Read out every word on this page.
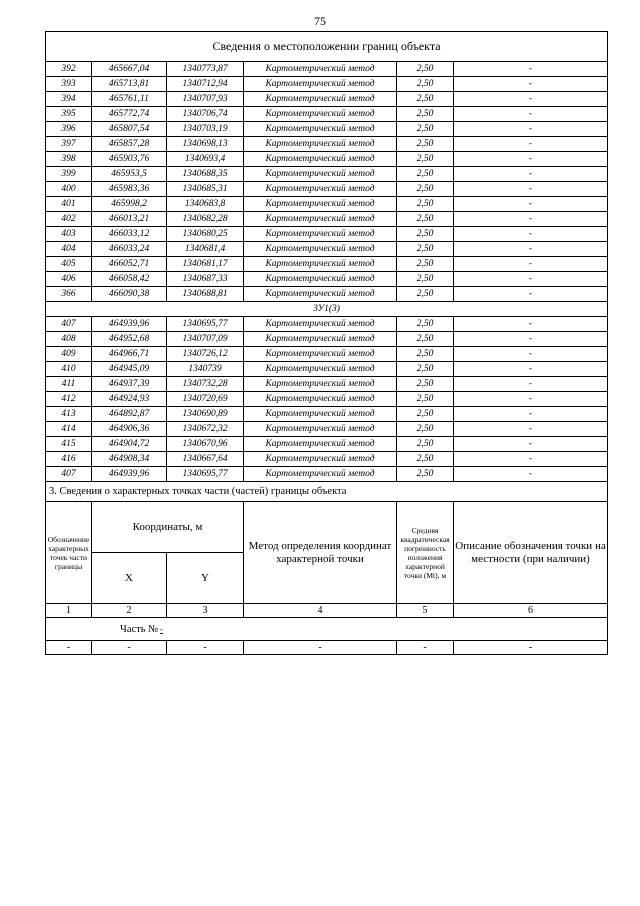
75
Сведения о местоположении границ объекта					
392	465667,04	1340773,87	Картометрический метод	2,50	-
393	465713,81	1340712,94	Картометрический метод	2,50	-
394	465761,11	1340707,93	Картометрический метод	2,50	-
395	465772,74	1340706,74	Картометрический метод	2,50	-
396	465807,54	1340703,19	Картометрический метод	2,50	-
397	465857,28	1340698,13	Картометрический метод	2,50	-
398	465903,76	1340693,4	Картометрический метод	2,50	-
399	465953,5	1340688,35	Картометрический метод	2,50	-
400	465983,36	1340685,31	Картометрический метод	2,50	-
401	465998,2	1340683,8	Картометрический метод	2,50	-
402	466013,21	1340682,28	Картометрический метод	2,50	-
403	466033,12	1340680,25	Картометрический метод	2,50	-
404	466033,24	1340681,4	Картометрический метод	2,50	-
405	466052,71	1340681,17	Картометрический метод	2,50	-
406	466058,42	1340687,33	Картометрический метод	2,50	-
366	466090,38	1340688,81	Картометрический метод	2,50	-
ЗУ1(3)					
407	464939,96	1340695,77	Картометрический метод	2,50	-
408	464952,68	1340707,09	Картометрический метод	2,50	-
409	464966,71	1340726,12	Картометрический метод	2,50	-
410	464945,09	1340739	Картометрический метод	2,50	-
411	464937,39	1340732,28	Картометрический метод	2,50	-
412	464924,93	1340720,69	Картометрический метод	2,50	-
413	464892,87	1340690,89	Картометрический метод	2,50	-
414	464906,36	1340672,32	Картометрический метод	2,50	-
415	464904,72	1340670,96	Картометрический метод	2,50	-
416	464908,34	1340667,64	Картометрический метод	2,50	-
407	464939,96	1340695,77	Картометрический метод	2,50	-
3. Сведения о характерных точках части (частей) границы объекта					
Обозначение характерных точек части границы	Координаты, м		Метод определения координат характерной точки	Средняя квадратическая погрешность положения характерной точки (Mt), м	Описание обозначения точки на местности (при наличии)
	X	Y			
1	2	3	4	5	6
Часть № -					
-	-	-	-	-	-
